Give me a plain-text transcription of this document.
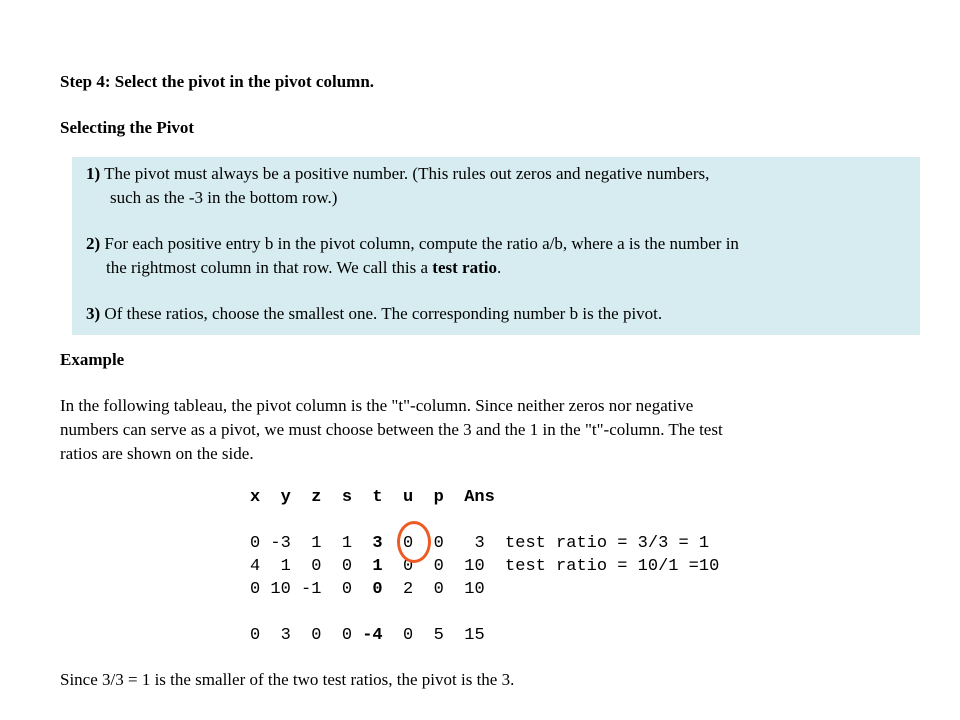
Step 4: Select the pivot in the pivot column.
Selecting the Pivot
1) The pivot must always be a positive number. (This rules out zeros and negative numbers,
such as the -3 in the bottom row.)
2) For each positive entry b in the pivot column, compute the ratio a/b, where a is the number in
the rightmost column in that row. We call this a test ratio.
3) Of these ratios, choose the smallest one. The corresponding number b is the pivot.
Example
In the following tableau, the pivot column is the "t"-column. Since neither zeros nor negative
numbers can serve as a pivot, we must choose between the 3 and the 1 in the "t"-column. The test
ratios are shown on the side.
x  y  z  s  t  u  p  Ans
0 -3  1  1  3  0  0   3  test ratio = 3/3 = 1
4  1  0  0  1  0  0  10  test ratio = 10/1 =10
0 10 -1  0  0  2  0  10
0  3  0  0 -4  0  5  15
Since 3/3 = 1 is the smaller of the two test ratios, the pivot is the 3.
